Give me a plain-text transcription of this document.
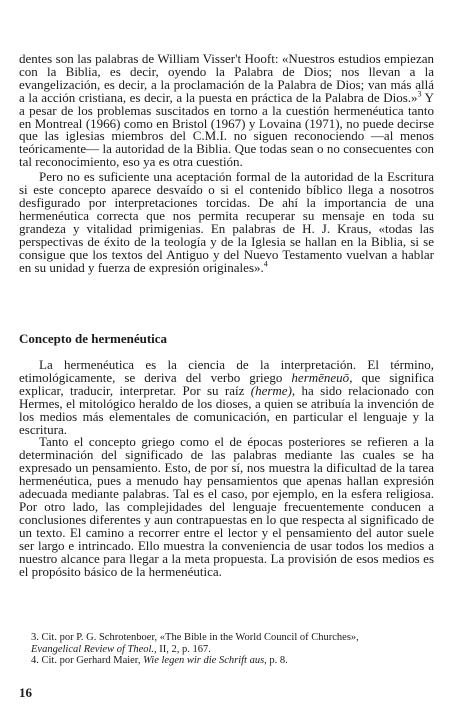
dentes son las palabras de William Visser't Hooft: «Nuestros estudios empiezan con la Biblia, es decir, oyendo la Palabra de Dios; nos llevan a la evangelización, es decir, a la proclamación de la Palabra de Dios; van más allá a la acción cristiana, es decir, a la puesta en práctica de la Palabra de Dios.»$^3$ Y a pesar de los problemas suscitados en torno a la cuestión hermenéutica tanto en Montreal (1966) como en Bristol (1967) y Lovaina (1971), no puede decirse que las iglesias miembros del C.M.I. no siguen reconociendo —al menos teóricamente— la autoridad de la Biblia. Que todas sean o no consecuentes con tal reconocimiento, eso ya es otra cuestión.

Pero no es suficiente una aceptación formal de la autoridad de la Escritura si este concepto aparece desvaído o si el contenido bíblico llega a nosotros desfigurado por interpretaciones torcidas. De ahí la importancia de una hermenéutica correcta que nos permita recuperar su mensaje en toda su grandeza y vitalidad primigenias. En palabras de H. J. Kraus, «todas las perspectivas de éxito de la teología y de la Iglesia se hallan en la Biblia, si se consigue que los textos del Antiguo y del Nuevo Testamento vuelvan a hablar en su unidad y fuerza de expresión originales».$^4$

Concepto de hermenéutica

La hermenéutica es la ciencia de la interpretación. El término, etimológicamente, se deriva del verbo griego hermēneuō, que significa explicar, traducir, interpretar. Por su raíz (herme), ha sido relacionado con Hermes, el mitológico heraldo de los dioses, a quien se atribuía la invención de los medios más elementales de comunicación, en particular el lenguaje y la escritura.

Tanto el concepto griego como el de épocas posteriores se refieren a la determinación del significado de las palabras mediante las cuales se ha expresado un pensamiento. Esto, de por sí, nos muestra la dificultad de la tarea hermenéutica, pues a menudo hay pensamientos que apenas hallan expresión adecuada mediante palabras. Tal es el caso, por ejemplo, en la esfera religiosa. Por otro lado, las complejidades del lenguaje frecuentemente conducen a conclusiones diferentes y aun contrapuestas en lo que respecta al significado de un texto. El camino a recorrer entre el lector y el pensamiento del autor suele ser largo e intrincado. Ello muestra la conveniencia de usar todos los medios a nuestro alcance para llegar a la meta propuesta. La provisión de esos medios es el propósito básico de la hermenéutica.

3. Cit. por P. G. Schrotenboer, «The Bible in the World Council of Churches»,
Evangelical Review of Theol., II, 2, p. 167.

4. Cit. por Gerhard Maier, Wie legen wir die Schrift aus, p. 8.

16
